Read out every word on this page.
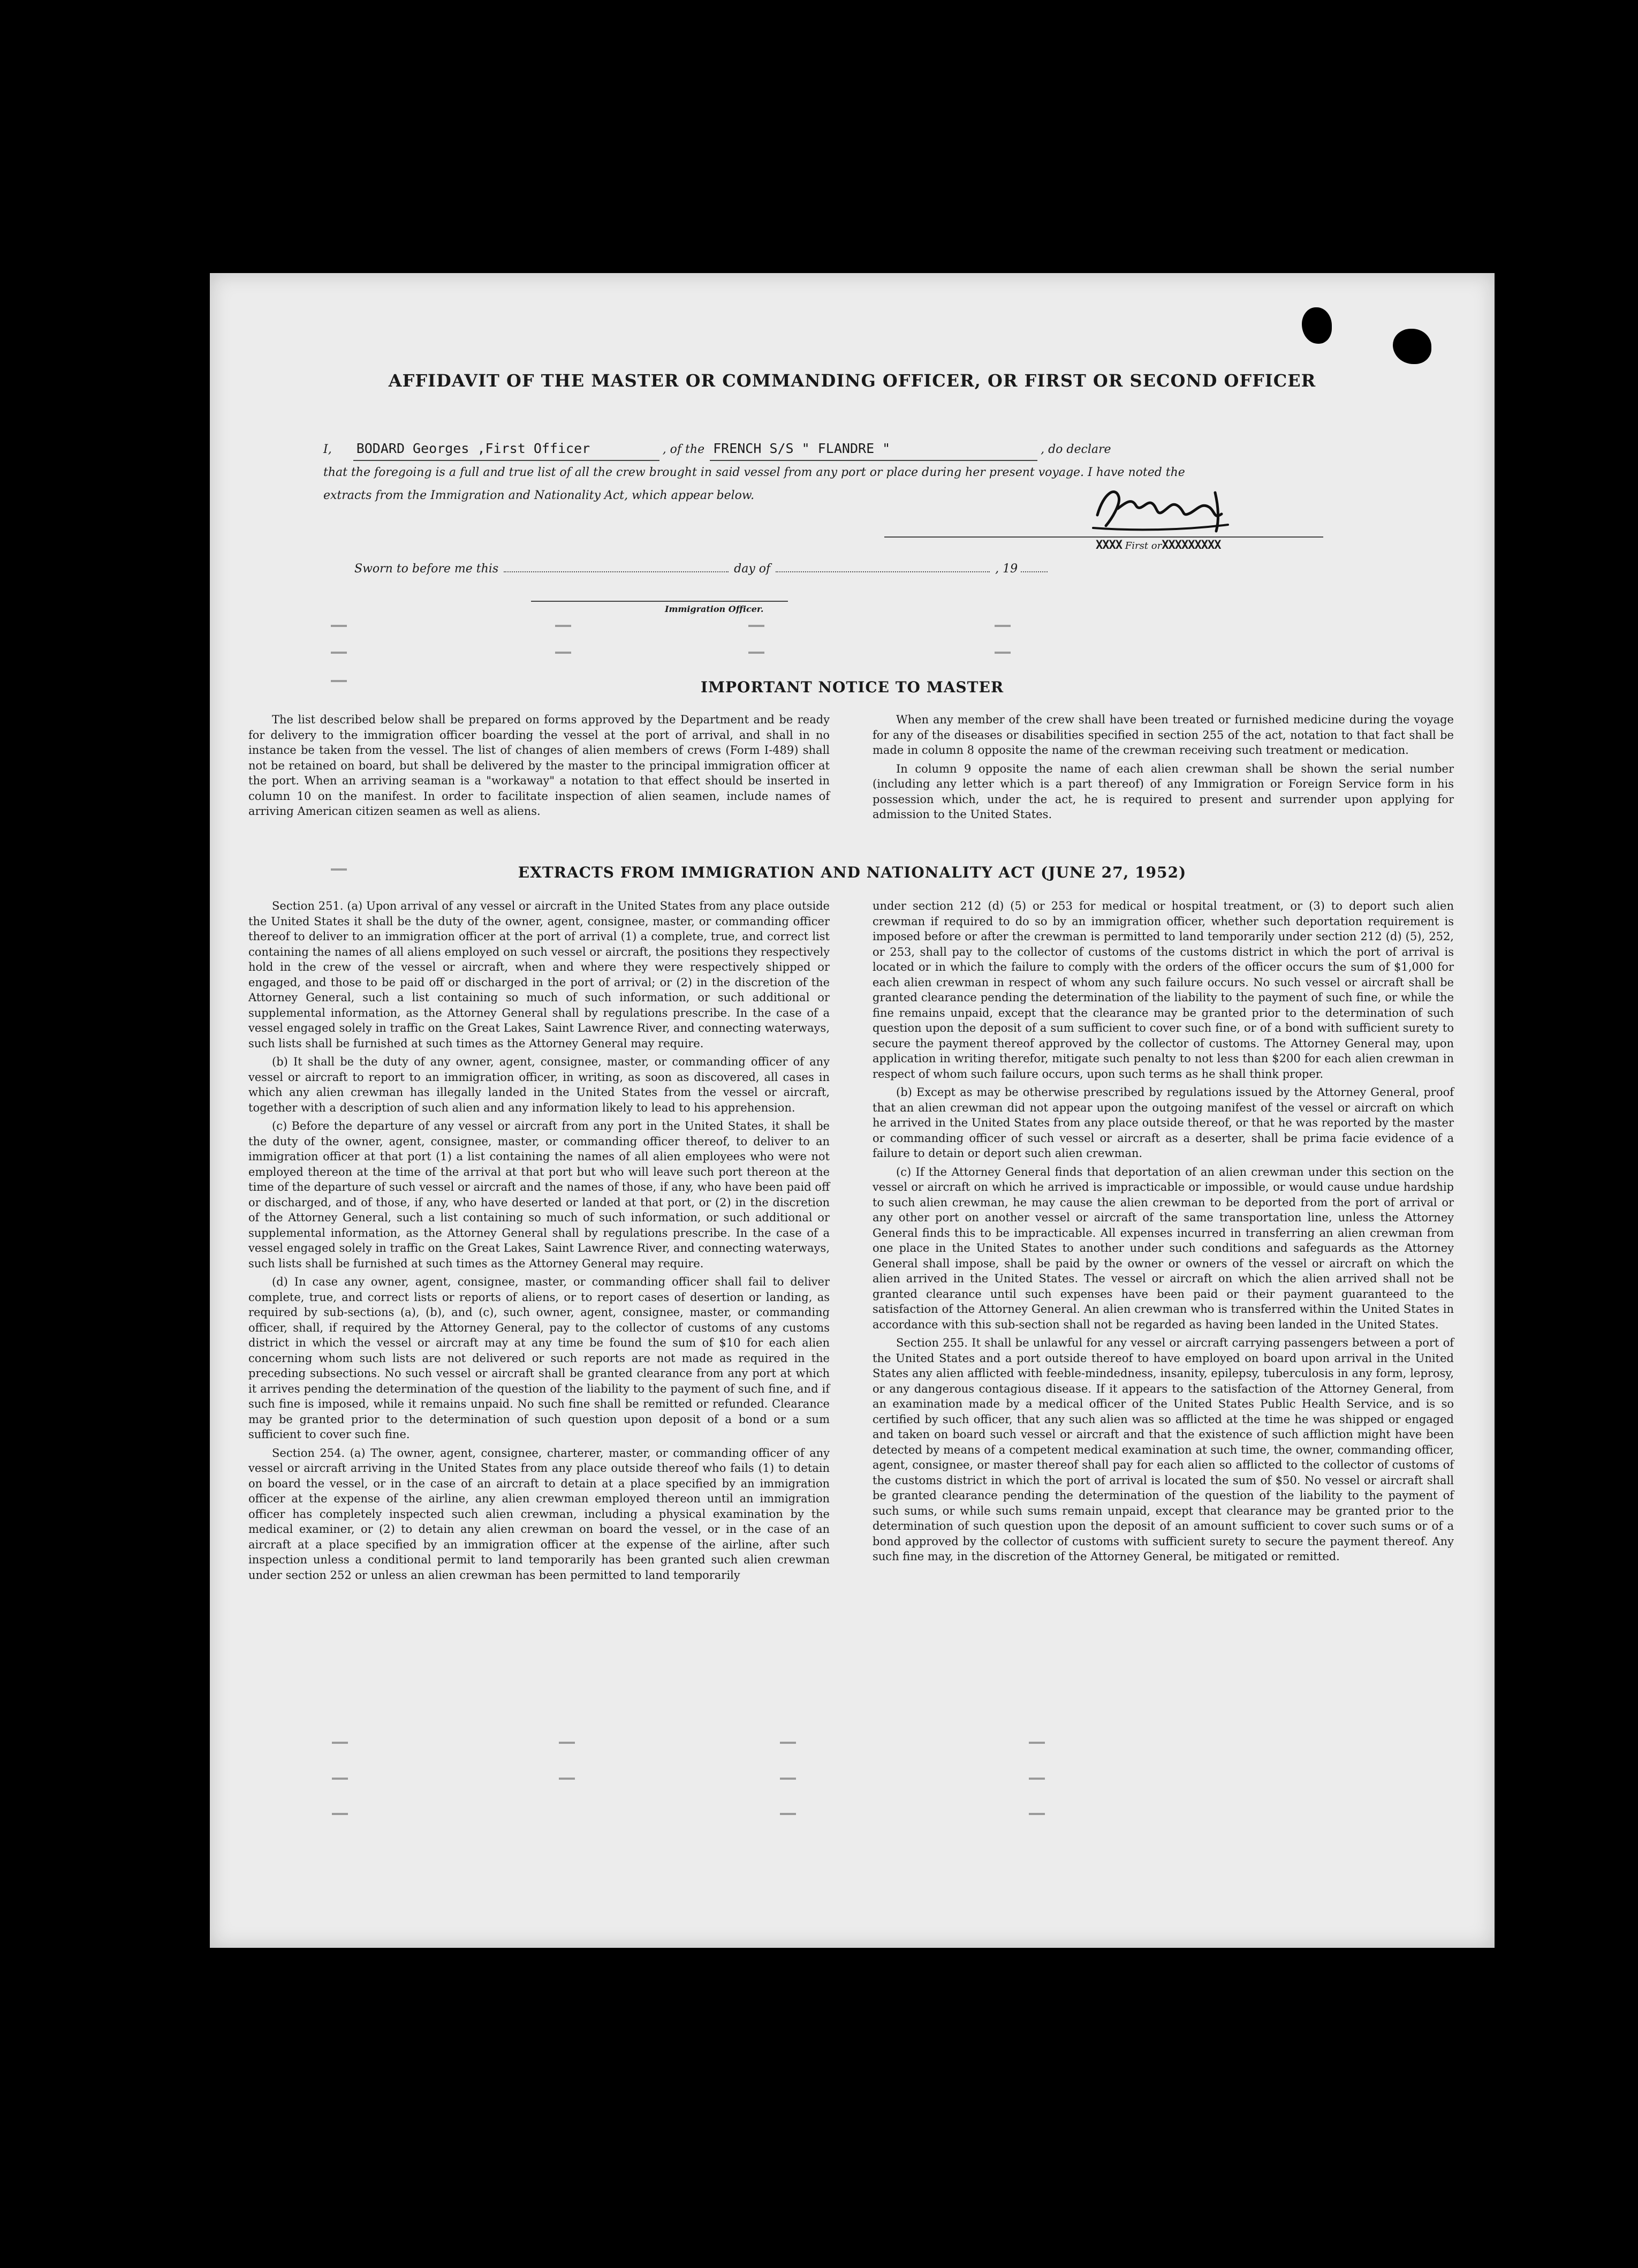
AFFIDAVIT OF THE MASTER OR COMMANDING OFFICER, OR FIRST OR SECOND OFFICER
I, BODARD Georges ,First Officer	, of the FRENCH S/S " FLANDRE "	, do declare
that the foregoing is a full and true list of all the crew brought in said vessel from any port or place during her present voyage. I have noted the
extracts from the Immigration and Nationality Act, which appear below.
XXXX First orXXXXXXXXX
Sworn to before me this	day of	, 19
Immigration Officer.
IMPORTANT NOTICE TO MASTER

The list described below shall be prepared on forms approved by the Department and be ready for delivery to the immigration officer boarding the vessel at the port of arrival, and shall in no instance be taken from the vessel. The list of changes of alien members of crews (Form I-489) shall not be retained on board, but shall be delivered by the master to the principal immigration officer at the port. When an arriving seaman is a "workaway" a notation to that effect should be inserted in column 10 on the manifest. In order to facilitate inspection of alien seamen, include names of arriving American citizen seamen as well as aliens.

When any member of the crew shall have been treated or furnished medicine during the voyage for any of the diseases or disabilities specified in section 255 of the act, notation to that fact shall be made in column 8 opposite the name of the crewman receiving such treatment or medication.

In column 9 opposite the name of each alien crewman shall be shown the serial number (including any letter which is a part thereof) of any Immigration or Foreign Service form in his possession which, under the act, he is required to present and surrender upon applying for admission to the United States.

EXTRACTS FROM IMMIGRATION AND NATIONALITY ACT (JUNE 27, 1952)

Section 251. (a) Upon arrival of any vessel or aircraft in the United States from any place outside the United States it shall be the duty of the owner, agent, consignee, master, or commanding officer thereof to deliver to an immigration officer at the port of arrival (1) a complete, true, and correct list containing the names of all aliens employed on such vessel or aircraft, the positions they respectively hold in the crew of the vessel or aircraft, when and where they were respectively shipped or engaged, and those to be paid off or discharged in the port of arrival; or (2) in the discretion of the Attorney General, such a list containing so much of such information, or such additional or supplemental information, as the Attorney General shall by regulations prescribe. In the case of a vessel engaged solely in traffic on the Great Lakes, Saint Lawrence River, and connecting waterways, such lists shall be furnished at such times as the Attorney General may require.

(b) It shall be the duty of any owner, agent, consignee, master, or commanding officer of any vessel or aircraft to report to an immigration officer, in writing, as soon as discovered, all cases in which any alien crewman has illegally landed in the United States from the vessel or aircraft, together with a description of such alien and any information likely to lead to his apprehension.

(c) Before the departure of any vessel or aircraft from any port in the United States, it shall be the duty of the owner, agent, consignee, master, or commanding officer thereof, to deliver to an immigration officer at that port (1) a list containing the names of all alien employees who were not employed thereon at the time of the arrival at that port but who will leave such port thereon at the time of the departure of such vessel or aircraft and the names of those, if any, who have been paid off or discharged, and of those, if any, who have deserted or landed at that port, or (2) in the discretion of the Attorney General, such a list containing so much of such information, or such additional or supplemental information, as the Attorney General shall by regulations prescribe. In the case of a vessel engaged solely in traffic on the Great Lakes, Saint Lawrence River, and connecting waterways, such lists shall be furnished at such times as the Attorney General may require.

(d) In case any owner, agent, consignee, master, or commanding officer shall fail to deliver complete, true, and correct lists or reports of aliens, or to report cases of desertion or landing, as required by sub-sections (a), (b), and (c), such owner, agent, consignee, master, or commanding officer, shall, if required by the Attorney General, pay to the collector of customs of any customs district in which the vessel or aircraft may at any time be found the sum of $10 for each alien concerning whom such lists are not delivered or such reports are not made as required in the preceding subsections. No such vessel or aircraft shall be granted clearance from any port at which it arrives pending the determination of the question of the liability to the payment of such fine, and if such fine is imposed, while it remains unpaid. No such fine shall be remitted or refunded. Clearance may be granted prior to the determination of such question upon deposit of a bond or a sum sufficient to cover such fine.

Section 254. (a) The owner, agent, consignee, charterer, master, or commanding officer of any vessel or aircraft arriving in the United States from any place outside thereof who fails (1) to detain on board the vessel, or in the case of an aircraft to detain at a place specified by an immigration officer at the expense of the airline, any alien crewman employed thereon until an immigration officer has completely inspected such alien crewman, including a physical examination by the medical examiner, or (2) to detain any alien crewman on board the vessel, or in the case of an aircraft at a place specified by an immigration officer at the expense of the airline, after such inspection unless a conditional permit to land temporarily has been granted such alien crewman under section 252 or unless an alien crewman has been permitted to land temporarily

under section 212 (d) (5) or 253 for medical or hospital treatment, or (3) to deport such alien crewman if required to do so by an immigration officer, whether such deportation requirement is imposed before or after the crewman is permitted to land temporarily under section 212 (d) (5), 252, or 253, shall pay to the collector of customs of the customs district in which the port of arrival is located or in which the failure to comply with the orders of the officer occurs the sum of $1,000 for each alien crewman in respect of whom any such failure occurs. No such vessel or aircraft shall be granted clearance pending the determination of the liability to the payment of such fine, or while the fine remains unpaid, except that the clearance may be granted prior to the determination of such question upon the deposit of a sum sufficient to cover such fine, or of a bond with sufficient surety to secure the payment thereof approved by the collector of customs. The Attorney General may, upon application in writing therefor, mitigate such penalty to not less than $200 for each alien crewman in respect of whom such failure occurs, upon such terms as he shall think proper.

(b) Except as may be otherwise prescribed by regulations issued by the Attorney General, proof that an alien crewman did not appear upon the outgoing manifest of the vessel or aircraft on which he arrived in the United States from any place outside thereof, or that he was reported by the master or commanding officer of such vessel or aircraft as a deserter, shall be prima facie evidence of a failure to detain or deport such alien crewman.

(c) If the Attorney General finds that deportation of an alien crewman under this section on the vessel or aircraft on which he arrived is impracticable or impossible, or would cause undue hardship to such alien crewman, he may cause the alien crewman to be deported from the port of arrival or any other port on another vessel or aircraft of the same transportation line, unless the Attorney General finds this to be impracticable. All expenses incurred in transferring an alien crewman from one place in the United States to another under such conditions and safeguards as the Attorney General shall impose, shall be paid by the owner or owners of the vessel or aircraft on which the alien arrived in the United States. The vessel or aircraft on which the alien arrived shall not be granted clearance until such expenses have been paid or their payment guaranteed to the satisfaction of the Attorney General. An alien crewman who is transferred within the United States in accordance with this sub-section shall not be regarded as having been landed in the United States.

Section 255. It shall be unlawful for any vessel or aircraft carrying passengers between a port of the United States and a port outside thereof to have employed on board upon arrival in the United States any alien afflicted with feeble-mindedness, insanity, epilepsy, tuberculosis in any form, leprosy, or any dangerous contagious disease. If it appears to the satisfaction of the Attorney General, from an examination made by a medical officer of the United States Public Health Service, and is so certified by such officer, that any such alien was so afflicted at the time he was shipped or engaged and taken on board such vessel or aircraft and that the existence of such affliction might have been detected by means of a competent medical examination at such time, the owner, commanding officer, agent, consignee, or master thereof shall pay for each alien so afflicted to the collector of customs of the customs district in which the port of arrival is located the sum of $50. No vessel or aircraft shall be granted clearance pending the determination of the question of the liability to the payment of such sums, or while such sums remain unpaid, except that clearance may be granted prior to the determination of such question upon the deposit of an amount sufficient to cover such sums or of a bond approved by the collector of customs with sufficient surety to secure the payment thereof. Any such fine may, in the discretion of the Attorney General, be mitigated or remitted.
